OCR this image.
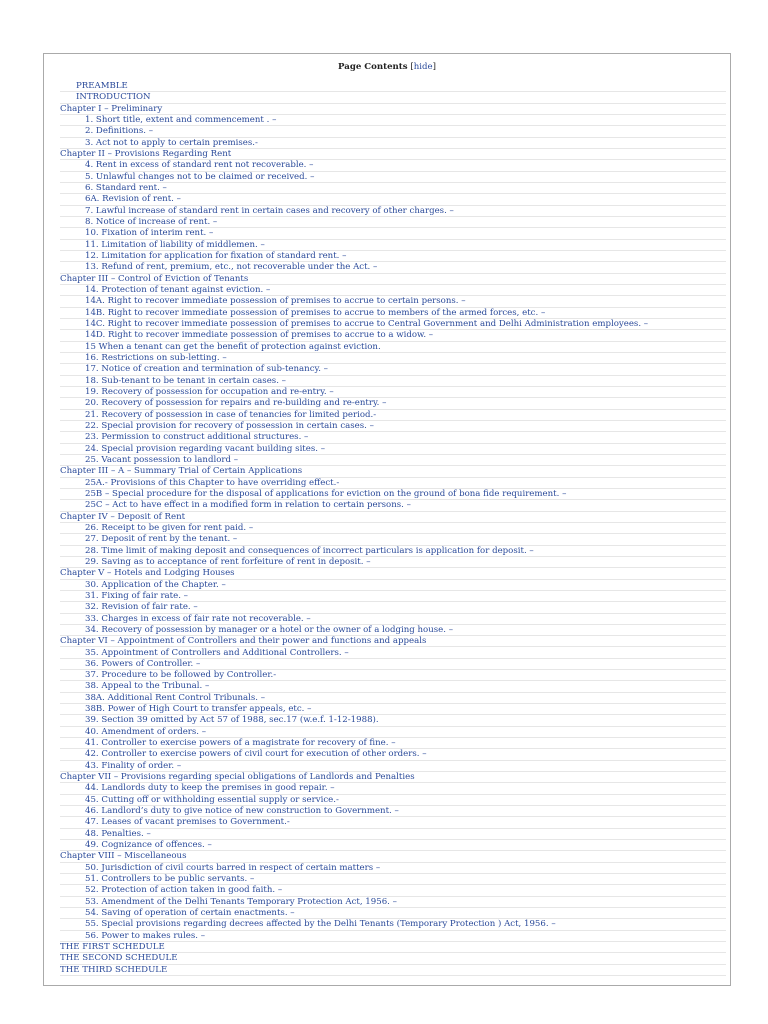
Page Contents [hide]
PREAMBLE
INTRODUCTION
Chapter I – Preliminary
1. Short title, extent and commencement . –
2. Definitions. –
3. Act not to apply to certain premises.-
Chapter II – Provisions Regarding Rent
4. Rent in excess of standard rent not recoverable. –
5. Unlawful changes not to be claimed or received. –
6. Standard rent. –
6A. Revision of rent. –
7. Lawful increase of standard rent in certain cases and recovery of other charges. –
8. Notice of increase of rent. –
10. Fixation of interim rent. –
11. Limitation of liability of middlemen. –
12. Limitation for application for fixation of standard rent. –
13. Refund of rent, premium, etc., not recoverable under the Act. –
Chapter III – Control of Eviction of Tenants
14. Protection of tenant against eviction. –
14A. Right to recover immediate possession of premises to accrue to certain persons. –
14B. Right to recover immediate possession of premises to accrue to members of the armed forces, etc. –
14C. Right to recover immediate possession of premises to accrue to Central Government and Delhi Administration employees. –
14D. Right to recover immediate possession of premises to accrue to a widow. –
15 When a tenant can get the benefit of protection against eviction.
16. Restrictions on sub-letting. –
17. Notice of creation and termination of sub-tenancy. –
18. Sub-tenant to be tenant in certain cases. –
19. Recovery of possession for occupation and re-entry. –
20. Recovery of possession for repairs and re-building and re-entry. –
21. Recovery of possession in case of tenancies for limited period.-
22. Special provision for recovery of possession in certain cases. –
23. Permission to construct additional structures. –
24. Special provision regarding vacant building sites. –
25. Vacant possession to landlord –
Chapter III – A – Summary Trial of Certain Applications
25A.- Provisions of this Chapter to have overriding effect.-
25B – Special procedure for the disposal of applications for eviction on the ground of bona fide requirement. –
25C – Act to have effect in a modified form in relation to certain persons. –
Chapter IV – Deposit of Rent
26. Receipt to be given for rent paid. –
27. Deposit of rent by the tenant. –
28. Time limit of making deposit and consequences of incorrect particulars is application for deposit. –
29. Saving as to acceptance of rent forfeiture of rent in deposit. –
Chapter V – Hotels and Lodging Houses
30. Application of the Chapter. –
31. Fixing of fair rate. –
32. Revision of fair rate. –
33. Charges in excess of fair rate not recoverable. –
34. Recovery of possession by manager or a hotel or the owner of a lodging house. –
Chapter VI – Appointment of Controllers and their power and functions and appeals
35. Appointment of Controllers and Additional Controllers. –
36. Powers of Controller. –
37. Procedure to be followed by Controller.-
38. Appeal to the Tribunal. –
38A. Additional Rent Control Tribunals. –
38B. Power of High Court to transfer appeals, etc. –
39. Section 39 omitted by Act 57 of 1988, sec.17 (w.e.f. 1-12-1988).
40. Amendment of orders. –
41. Controller to exercise powers of a magistrate for recovery of fine. –
42. Controller to exercise powers of civil court for execution of other orders. –
43. Finality of order. –
Chapter VII – Provisions regarding special obligations of Landlords and Penalties
44. Landlords duty to keep the premises in good repair. –
45. Cutting off or withholding essential supply or service.-
46. Landlord’s duty to give notice of new construction to Government. –
47. Leases of vacant premises to Government.-
48. Penalties. –
49. Cognizance of offences. –
Chapter VIII – Miscellaneous
50. Jurisdiction of civil courts barred in respect of certain matters –
51. Controllers to be public servants. –
52. Protection of action taken in good faith. –
53. Amendment of the Delhi Tenants Temporary Protection Act, 1956. –
54. Saving of operation of certain enactments. –
55. Special provisions regarding decrees affected by the Delhi Tenants (Temporary Protection ) Act, 1956. –
56. Power to makes rules. –
THE FIRST SCHEDULE
THE SECOND SCHEDULE
THE THIRD SCHEDULE
